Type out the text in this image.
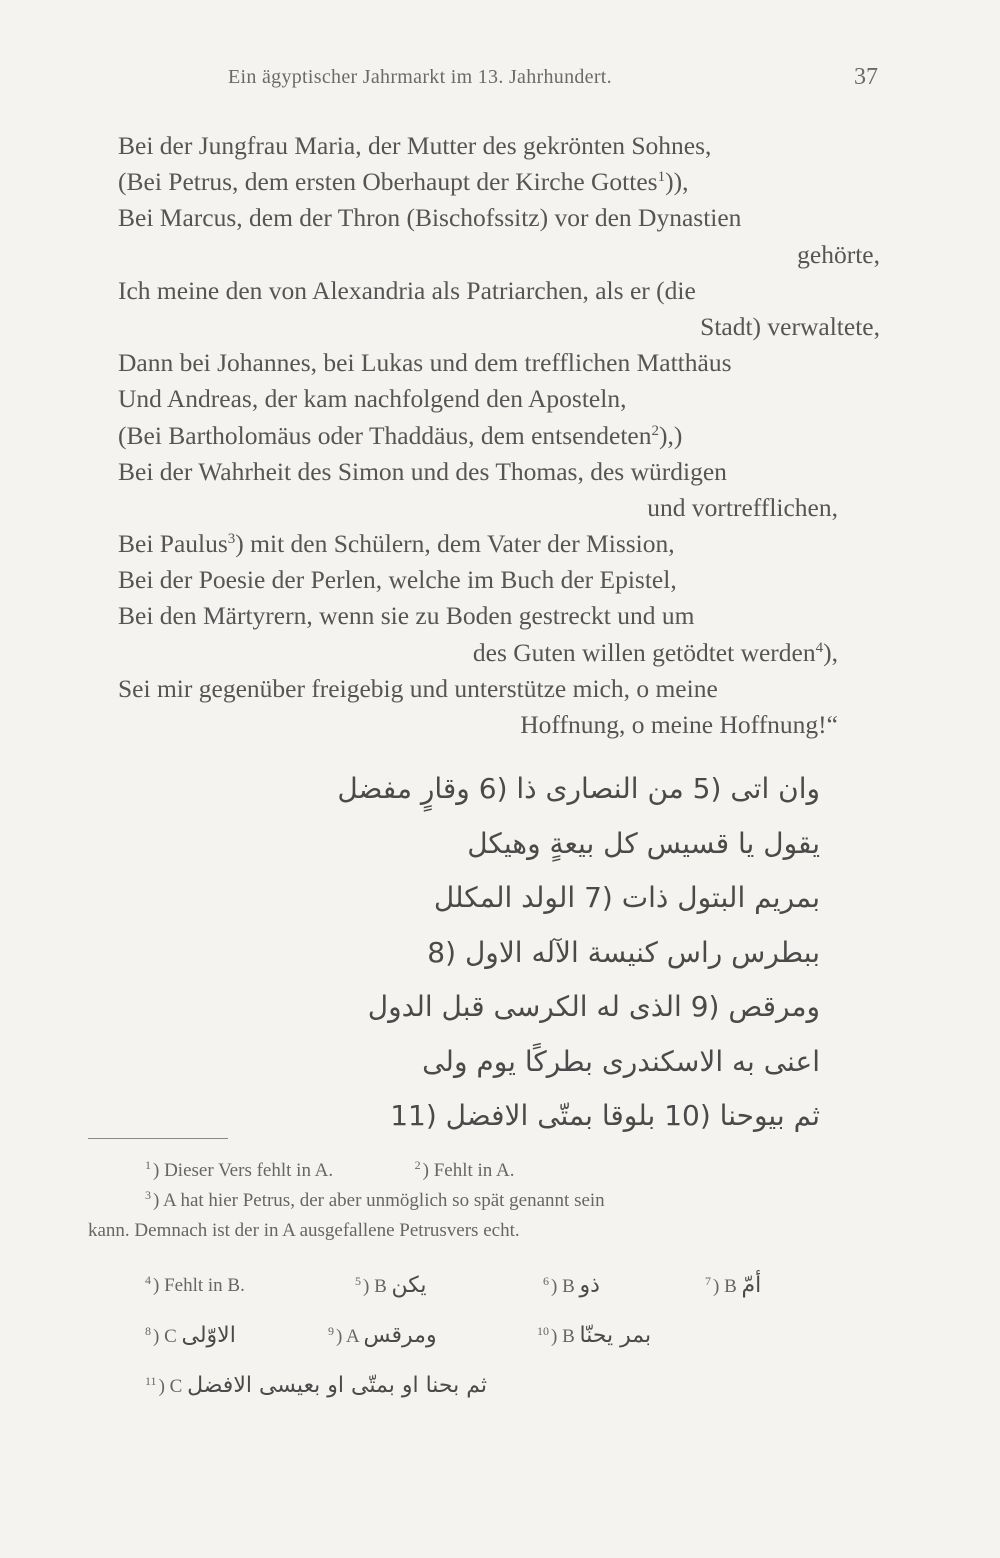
Ein ägyptischer Jahrmarkt im 13. Jahrhundert.	37
Bei der Jungfrau Maria, der Mutter des gekrönten Sohnes,
(Bei Petrus, dem ersten Oberhaupt der Kirche Gottes$^1$)),
Bei Marcus, dem der Thron (Bischofssitz) vor den Dynastien
gehörte,
Ich meine den von Alexandria als Patriarchen, als er (die
Stadt) verwaltete,
Dann bei Johannes, bei Lukas und dem trefflichen Matthäus
Und Andreas, der kam nachfolgend den Aposteln,
(Bei Bartholomäus oder Thaddäus, dem entsendeten$^2$),)
Bei der Wahrheit des Simon und des Thomas, des würdigen
und vortrefflichen,
Bei Paulus$^3$) mit den Schülern, dem Vater der Mission,
Bei der Poesie der Perlen, welche im Buch der Epistel,
Bei den Märtyrern, wenn sie zu Boden gestreckt und um
des Guten willen getödtet werden$^4$),
Sei mir gegenüber freigebig und unterstütze mich, o meine
Hoffnung, o meine Hoffnung!“
وان اتى (5 من النصارى ذا (6 وقارٍ مفضل
يقول يا قسيس كل بيعةٍ وهيكل
بمريم البتول ذات (7 الولد المكلل
ببطرس راس كنيسة الآله الاول (8
ومرقص (9 الذى له الكرسى قبل الدول
اعنى به الاسكندرى بطركًا يوم ولى
ثم بيوحنا (10 بلوقا بمتّى الافضل (11
$^1$ ) Dieser Vers fehlt in A.	$^2$ ) Fehlt in A.
$^3$ ) A hat hier Petrus, der aber unmöglich so spät genannt sein
kann. Demnach ist der in A ausgefallene Petrusvers echt.
$^4$ ) Fehlt in B.	$^5$ ) B يكن	$^6$ ) B ذو	$^7$ ) B أمّ
$^8$ ) C الاوّلى	$^9$ ) A ومرقس	$^{10}$ ) B بمر يحنّا
$^{11}$ ) C ثم بحنا او بمتّى او بعيسى الافضل
